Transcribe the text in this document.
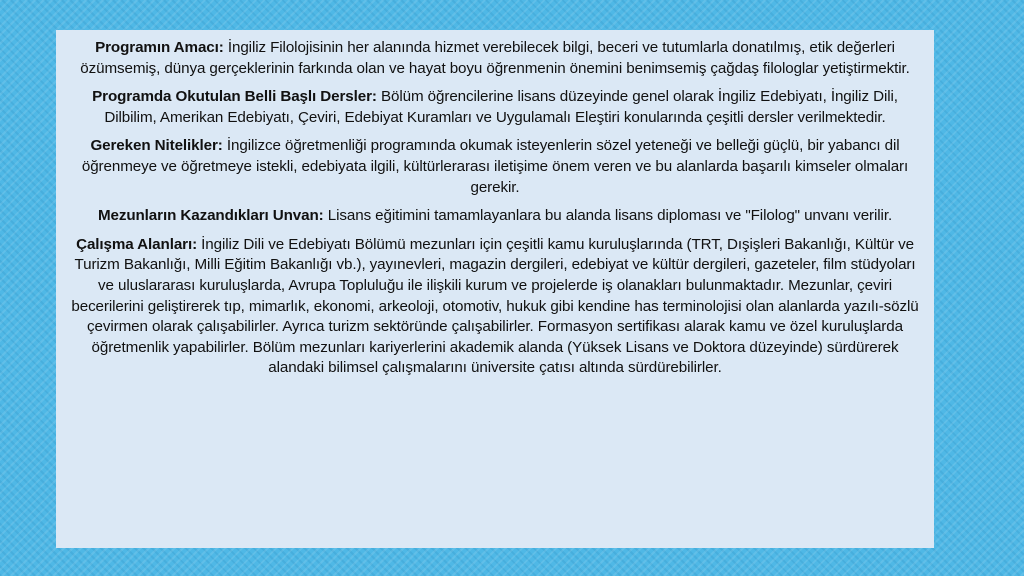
Programın Amacı: İngiliz Filolojisinin her alanında hizmet verebilecek bilgi, beceri ve tutumlarla donatılmış, etik değerleri özümsemiş, dünya gerçeklerinin farkında olan ve hayat boyu öğrenmenin önemini benimsemiş çağdaş filologlar yetiştirmektir.

Programda Okutulan Belli Başlı Dersler: Bölüm öğrencilerine lisans düzeyinde genel olarak İngiliz Edebiyatı, İngiliz Dili, Dilbilim, Amerikan Edebiyatı, Çeviri, Edebiyat Kuramları ve Uygulamalı Eleştiri konularında çeşitli dersler verilmektedir.

Gereken Nitelikler: İngilizce öğretmenliği programında okumak isteyenlerin sözel yeteneği ve belleği güçlü, bir yabancı dil öğrenmeye ve öğretmeye istekli, edebiyata ilgili, kültürlerarası iletişime önem veren ve bu alanlarda başarılı kimseler olmaları gerekir.

Mezunların Kazandıkları Unvan: Lisans eğitimini tamamlayanlara bu alanda lisans diploması ve "Filolog" unvanı verilir.

Çalışma Alanları: İngiliz Dili ve Edebiyatı Bölümü mezunları için çeşitli kamu kuruluşlarında (TRT, Dışişleri Bakanlığı, Kültür ve Turizm Bakanlığı, Milli Eğitim Bakanlığı vb.), yayınevleri, magazin dergileri, edebiyat ve kültür dergileri, gazeteler, film stüdyoları ve uluslararası kuruluşlarda, Avrupa Topluluğu ile ilişkili kurum ve projelerde iş olanakları bulunmaktadır. Mezunlar, çeviri becerilerini geliştirerek tıp, mimarlık, ekonomi, arkeoloji, otomotiv, hukuk gibi kendine has terminolojisi olan alanlarda yazılı-sözlü çevirmen olarak çalışabilirler. Ayrıca turizm sektöründe çalışabilirler. Formasyon sertifikası alarak kamu ve özel kuruluşlarda öğretmenlik yapabilirler. Bölüm mezunları kariyerlerini akademik alanda (Yüksek Lisans ve Doktora düzeyinde) sürdürerek alandaki bilimsel çalışmalarını üniversite çatısı altında sürdürebilirler.
